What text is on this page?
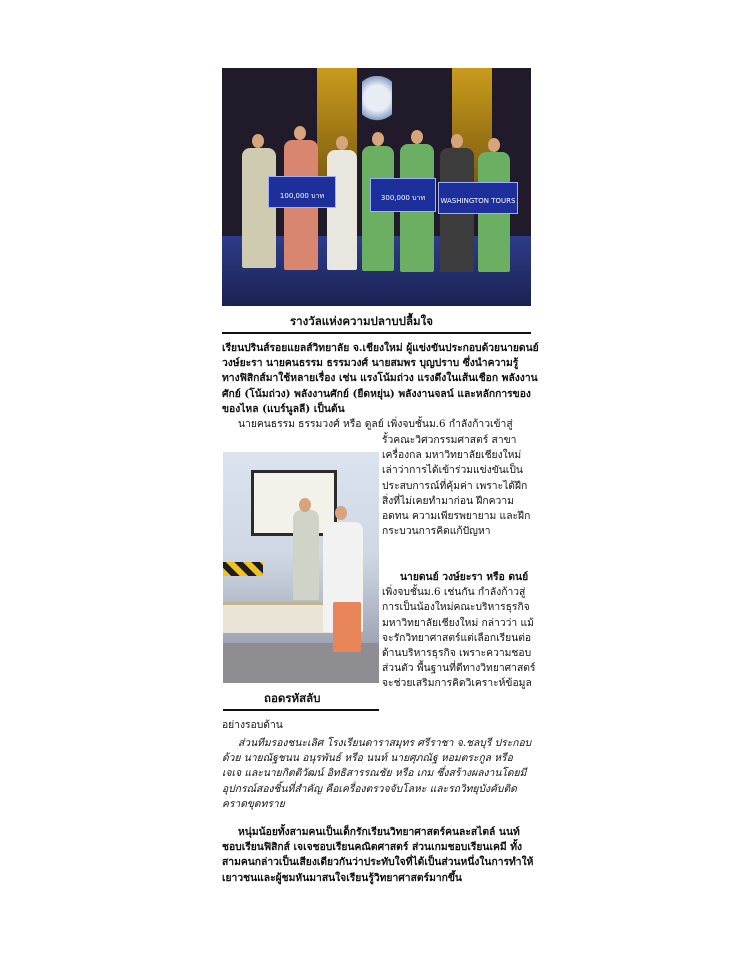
100,000 บาท	300,000 บาท	WASHINGTON TOURS
รางวัลแห่งความปลาบปลื้มใจ
เรียนปรินส์รอยแยลส์วิทยาลัย จ.เชียงใหม่ ผู้แข่งขันประกอบด้วยนายดนย์
วงษ์ยะรา นายคนธรรม ธรรมวงศ์ นายสมพร บุญปราบ ซึ่งนำความรู้
ทางฟิสิกส์มาใช้หลายเรื่อง เช่น แรงโน้มถ่วง แรงดึงในเส้นเชือก พลังงาน
ศักย์ (โน้มถ่วง) พลังงานศักย์ (ยืดหยุ่น) พลังงานจลน์ และหลักการของ
ของไหล (แบร์นูลลี) เป็นต้น
นายคนธรรม ธรรมวงศ์ หรือ ดูลย์ เพิ่งจบชั้นม.6 กำลังก้าวเข้าสู่
ถอดรหัสลับ
รั้วคณะวิศวกรรมศาสตร์ สาขา
เครื่องกล มหาวิทยาลัยเชียงใหม่
เล่าว่าการได้เข้าร่วมแข่งขันเป็น
ประสบการณ์ที่คุ้มค่า เพราะได้ฝึก
สิ่งที่ไม่เคยทำมาก่อน ฝึกความ
อดทน ความเพียรพยายาม และฝึก
กระบวนการคิดแก้ปัญหา
นายดนย์ วงษ์ยะรา หรือ ดนย์
เพิ่งจบชั้นม.6 เช่นกัน กำลังก้าวสู่
การเป็นน้องใหม่คณะบริหารธุรกิจ
มหาวิทยาลัยเชียงใหม่ กล่าวว่า แม้
จะรักวิทยาศาสตร์แต่เลือกเรียนต่อ
ด้านบริหารธุรกิจ เพราะความชอบ
ส่วนตัว พื้นฐานที่ดีทางวิทยาศาสตร์
จะช่วยเสริมการคิดวิเคราะห์ข้อมูล
อย่างรอบด้าน
ส่วนทีมรองชนะเลิศ โรงเรียนดาราสมุทร ศรีราชา จ.ชลบุรี ประกอบ
ด้วย นายณัฐชนน อนุรพันธ์ หรือ นนท์ นายศุภณัฐ หอมตระกูล หรือ
เจเจ และนายกิตติวัฒน์ อิทธิสารรณชัย หรือ เกม ซึ่งสร้างผลงานโดยมี
อุปกรณ์สองชิ้นที่สำคัญ คือเครื่องตรวจจับโลหะ และรถวิทยุบังคับติด
คราดขุดทราย
หนุ่มน้อยทั้งสามคนเป็นเด็กรักเรียนวิทยาศาสตร์คนละสไตล์ นนท์
ชอบเรียนฟิสิกส์ เจเจชอบเรียนคณิตศาสตร์ ส่วนเกมชอบเรียนเคมี ทั้ง
สามคนกล่าวเป็นเสียงเดียวกันว่าประทับใจที่ได้เป็นส่วนหนึ่งในการทำให้
เยาวชนและผู้ชมหันมาสนใจเรียนรู้วิทยาศาสตร์มากขึ้น
